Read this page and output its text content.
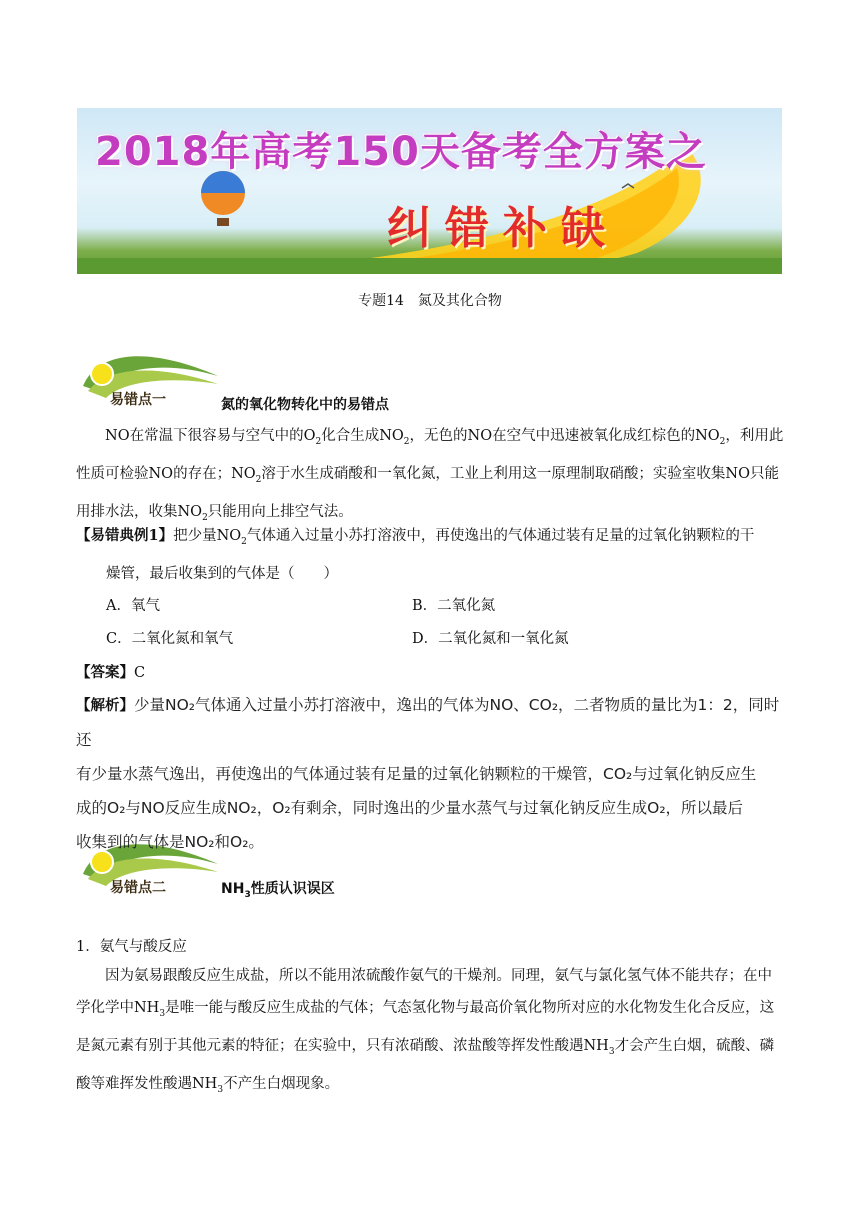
2018年高考150天备考全方案之
纠错补缺
专题14　氮及其化合物
易错点一	氮的氧化物转化中的易错点

NO在常温下很容易与空气中的$O_2$化合生成$NO_2$，无色的NO在空气中迅速被氧化成红棕色的$NO_2$，利用此性质可检验NO的存在；$NO_2$溶于水生成硝酸和一氧化氮，工业上利用这一原理制取硝酸；实验室收集NO只能用排水法，收集$NO_2$只能用向上排空气法。

【易错典例1】把少量$NO_2$气体通入过量小苏打溶液中，再使逸出的气体通过装有足量的过氧化钠颗粒的干
燥管，最后收集到的气体是（　　）

A．氧气	B．二氧化氮
C．二氧化氮和氧气	D．二氧化氮和一氧化氮
【答案】C
【解析】少量NO₂气体通入过量小苏打溶液中，逸出的气体为NO、CO₂，二者物质的量比为1：2，同时还
有少量水蒸气逸出，再使逸出的气体通过装有足量的过氧化钠颗粒的干燥管，CO₂与过氧化钠反应生
成的O₂与NO反应生成NO₂，O₂有剩余，同时逸出的少量水蒸气与过氧化钠反应生成O₂，所以最后
收集到的气体是NO₂和O₂。
易错点二	$NH_3$性质认识误区
1．氨气与酸反应

因为氨易跟酸反应生成盐，所以不能用浓硫酸作氨气的干燥剂。同理，氨气与氯化氢气体不能共存；在中学化学中$NH_3$是唯一能与酸反应生成盐的气体；气态氢化物与最高价氧化物所对应的水化物发生化合反应，这是氮元素有别于其他元素的特征；在实验中，只有浓硝酸、浓盐酸等挥发性酸遇$NH_3$才会产生白烟，硫酸、磷酸等难挥发性酸遇$NH_3$不产生白烟现象。
